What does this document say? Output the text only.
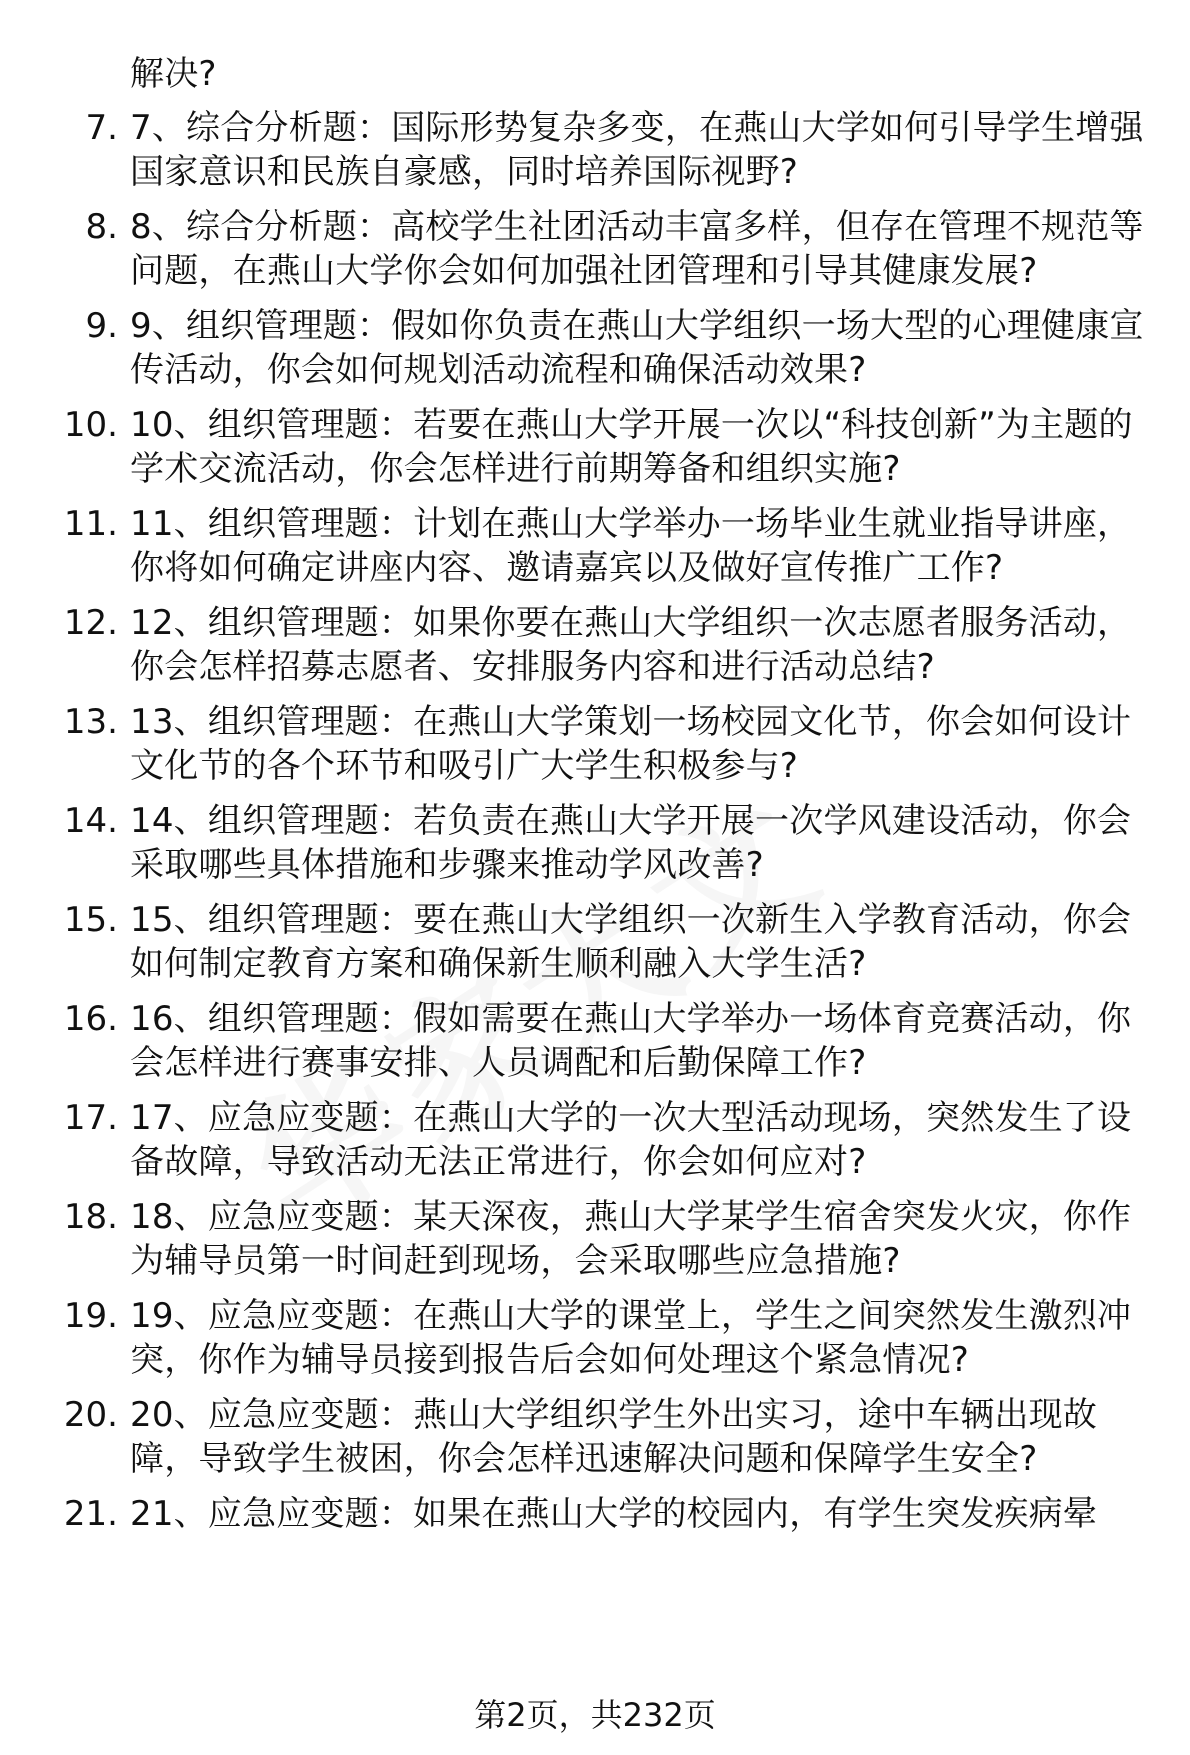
解决?
7. 7、综合分析题：国际形势复杂多变，在燕山大学如何引导学生增强国家意识和民族自豪感，同时培养国际视野?
8. 8、综合分析题：高校学生社团活动丰富多样，但存在管理不规范等问题，在燕山大学你会如何加强社团管理和引导其健康发展?
9. 9、组织管理题：假如你负责在燕山大学组织一场大型的心理健康宣传活动，你会如何规划活动流程和确保活动效果?
10. 10、组织管理题：若要在燕山大学开展一次以“科技创新”为主题的学术交流活动，你会怎样进行前期筹备和组织实施?
11. 11、组织管理题：计划在燕山大学举办一场毕业生就业指导讲座，你将如何确定讲座内容、邀请嘉宾以及做好宣传推广工作?
12. 12、组织管理题：如果你要在燕山大学组织一次志愿者服务活动，你会怎样招募志愿者、安排服务内容和进行活动总结?
13. 13、组织管理题：在燕山大学策划一场校园文化节，你会如何设计文化节的各个环节和吸引广大学生积极参与?
14. 14、组织管理题：若负责在燕山大学开展一次学风建设活动，你会采取哪些具体措施和步骤来推动学风改善?
15. 15、组织管理题：要在燕山大学组织一次新生入学教育活动，你会如何制定教育方案和确保新生顺利融入大学生活?
16. 16、组织管理题：假如需要在燕山大学举办一场体育竞赛活动，你会怎样进行赛事安排、人员调配和后勤保障工作?
17. 17、应急应变题：在燕山大学的一次大型活动现场，突然发生了设备故障，导致活动无法正常进行，你会如何应对?
18. 18、应急应变题：某天深夜，燕山大学某学生宿舍突发火灾，你作为辅导员第一时间赶到现场，会采取哪些应急措施?
19. 19、应急应变题：在燕山大学的课堂上，学生之间突然发生激烈冲突，你作为辅导员接到报告后会如何处理这个紧急情况?
20. 20、应急应变题：燕山大学组织学生外出实习，途中车辆出现故障，导致学生被困，你会怎样迅速解决问题和保障学生安全?
21. 21、应急应变题：如果在燕山大学的校园内，有学生突发疾病晕
第2页，共232页
